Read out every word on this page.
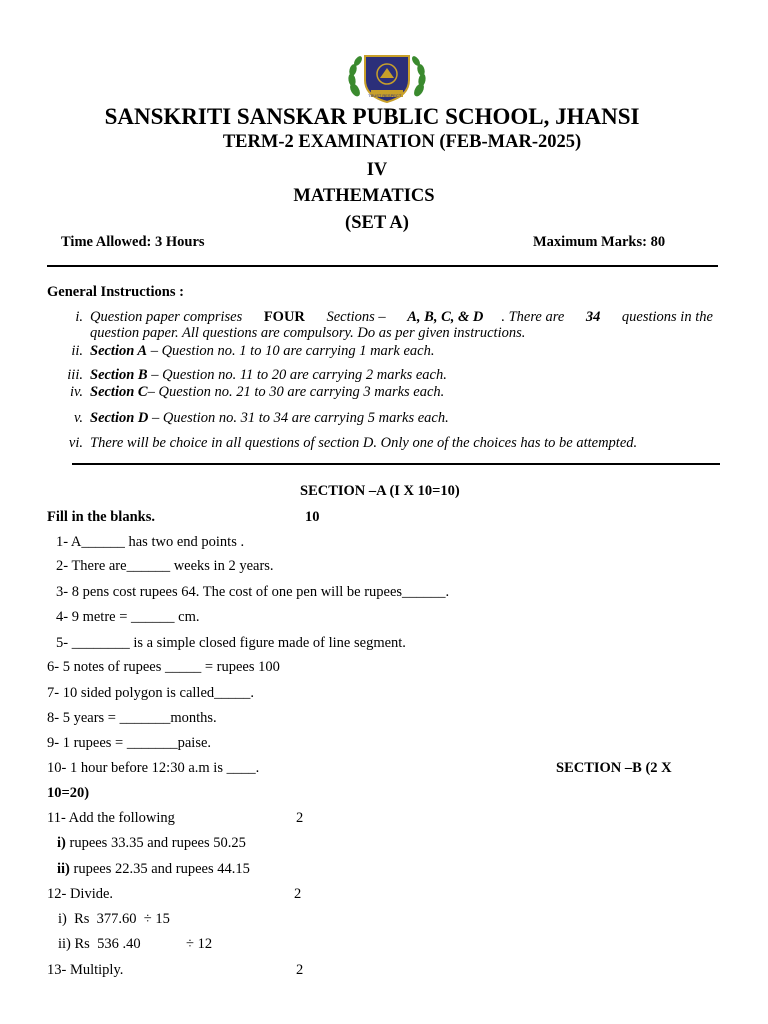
TRUST RESPECT
SANSKRITI SANSKAR PUBLIC SCHOOL, JHANSI
TERM-2 EXAMINATION (FEB-MAR-2025)
IV
MATHEMATICS
(SET A)
Time Allowed: 3 Hours	Maximum Marks: 80
General Instructions :
i. Question paper comprises FOUR Sections – A, B, C, & D . There are 34 questions in the
question paper. All questions are compulsory. Do as per given instructions.
ii. Section A – Question no. 1 to 10 are carrying 1 mark each.
iii. Section B – Question no. 11 to 20 are carrying 2 marks each.
iv. Section C– Question no. 21 to 30 are carrying 3 marks each.
v. Section D – Question no. 31 to 34 are carrying 5 marks each.
vi. There will be choice in all questions of section D. Only one of the choices has to be attempted.
SECTION –A (I X 10=10)
Fill in the blanks.	10
1- A______ has two end points .
2- There are______ weeks in 2 years.
3- 8 pens cost rupees 64. The cost of one pen will be rupees______.
4- 9 metre = ______ cm.
5- ________ is a simple closed figure made of line segment.
6- 5 notes of rupees _____ = rupees 100
7- 10 sided polygon is called_____.
8- 5 years = _______months.
9- 1 rupees = _______paise.
10- 1 hour before 12:30 a.m is ____.	SECTION –B (2 X
10=20)
11- Add the following	2
i) rupees 33.35 and rupees 50.25
ii) rupees 22.35 and rupees 44.15
12- Divide.	2
i)  Rs  377.60  ÷ 15
ii) Rs  536 .40	÷ 12
13- Multiply.	2
